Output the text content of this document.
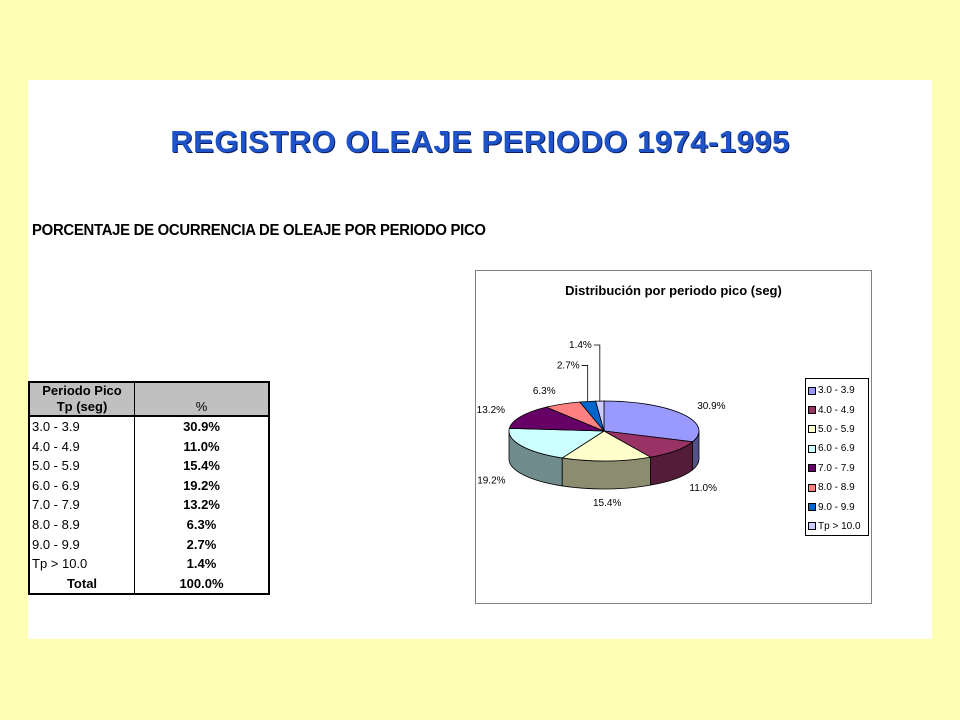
REGISTRO OLEAJE PERIODO 1974-1995
PORCENTAJE DE OCURRENCIA DE OLEAJE POR PERIODO PICO
Periodo Pico
Tp (seg)	%
3.0 - 3.9	30.9%
4.0 - 4.9	11.0%
5.0 - 5.9	15.4%
6.0 - 6.9	19.2%
7.0 - 7.9	13.2%
8.0 - 8.9	6.3%
9.0 - 9.9	2.7%
Tp > 10.0	1.4%
Total	100.0%
Distribución por periodo pico (seg)
30.9%
11.0%
15.4%
19.2%
13.2%
6.3%
2.7%
1.4%
3.0 - 3.9
4.0 - 4.9
5.0 - 5.9
6.0 - 6.9
7.0 - 7.9
8.0 - 8.9
9.0 - 9.9
Tp > 10.0
